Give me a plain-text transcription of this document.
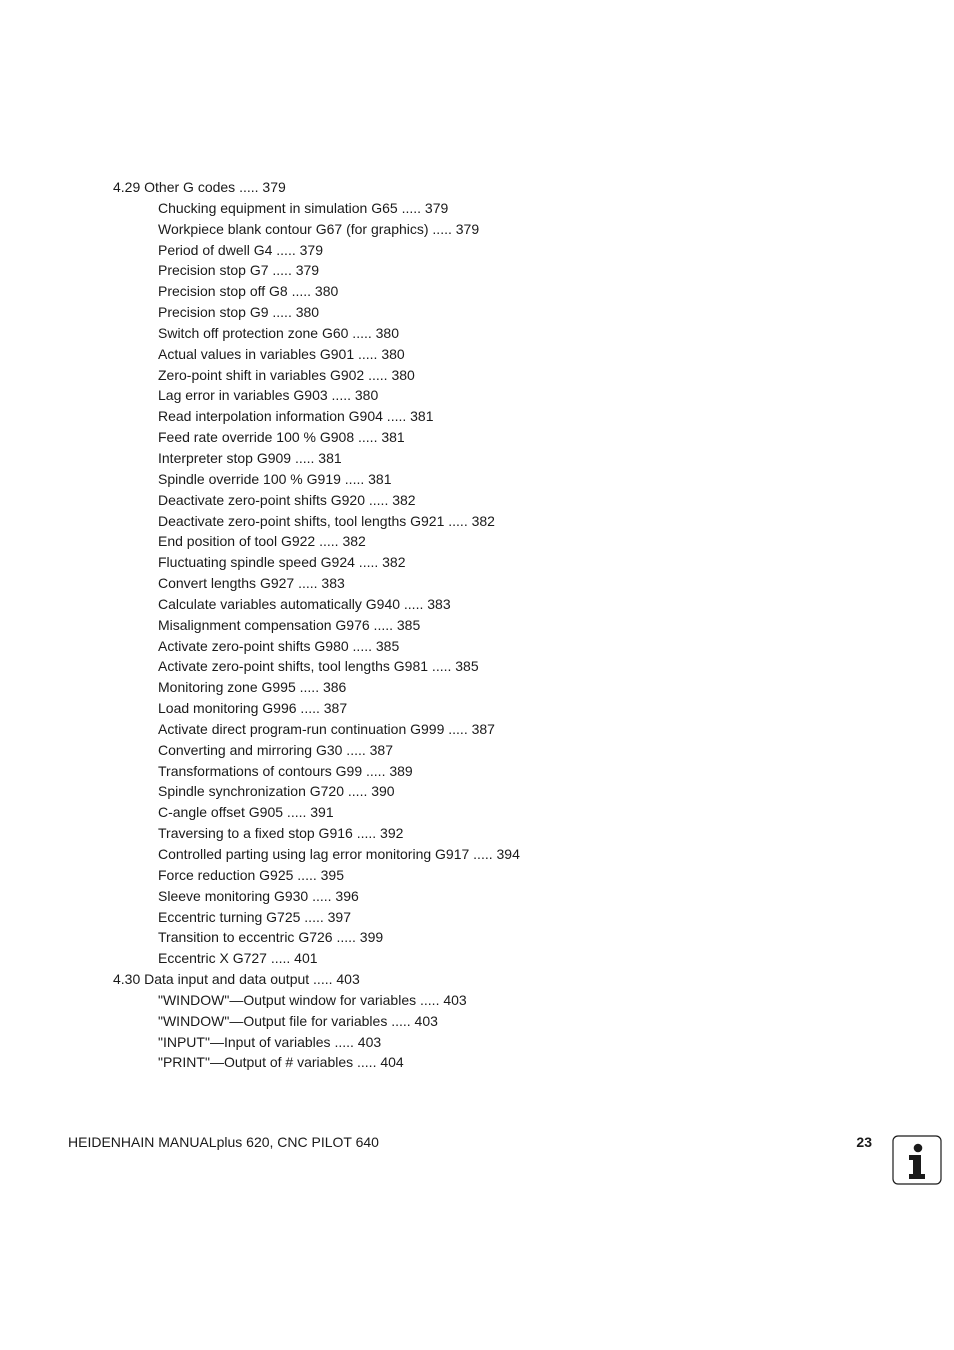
4.29 Other G codes ..... 379
Chucking equipment in simulation G65 ..... 379
Workpiece blank contour G67 (for graphics) ..... 379
Period of dwell G4 ..... 379
Precision stop G7 ..... 379
Precision stop off G8 ..... 380
Precision stop G9 ..... 380
Switch off protection zone G60 ..... 380
Actual values in variables G901 ..... 380
Zero-point shift in variables G902 ..... 380
Lag error in variables G903 ..... 380
Read interpolation information G904 ..... 381
Feed rate override 100 % G908 ..... 381
Interpreter stop G909 ..... 381
Spindle override 100 % G919 ..... 381
Deactivate zero-point shifts G920 ..... 382
Deactivate zero-point shifts, tool lengths G921 ..... 382
End position of tool G922 ..... 382
Fluctuating spindle speed G924 ..... 382
Convert lengths G927 ..... 383
Calculate variables automatically G940 ..... 383
Misalignment compensation G976 ..... 385
Activate zero-point shifts G980 ..... 385
Activate zero-point shifts, tool lengths G981 ..... 385
Monitoring zone G995 ..... 386
Load monitoring G996 ..... 387
Activate direct program-run continuation G999 ..... 387
Converting and mirroring G30 ..... 387
Transformations of contours G99 ..... 389
Spindle synchronization G720 ..... 390
C-angle offset G905 ..... 391
Traversing to a fixed stop G916 ..... 392
Controlled parting using lag error monitoring G917 ..... 394
Force reduction G925 ..... 395
Sleeve monitoring G930 ..... 396
Eccentric turning G725 ..... 397
Transition to eccentric G726 ..... 399
Eccentric X G727 ..... 401
4.30 Data input and data output ..... 403
"WINDOW"—Output window for variables ..... 403
"WINDOW"—Output file for variables ..... 403
"INPUT"—Input of variables ..... 403
"PRINT"—Output of # variables ..... 404
HEIDENHAIN MANUALplus 620, CNC PILOT 640	23
